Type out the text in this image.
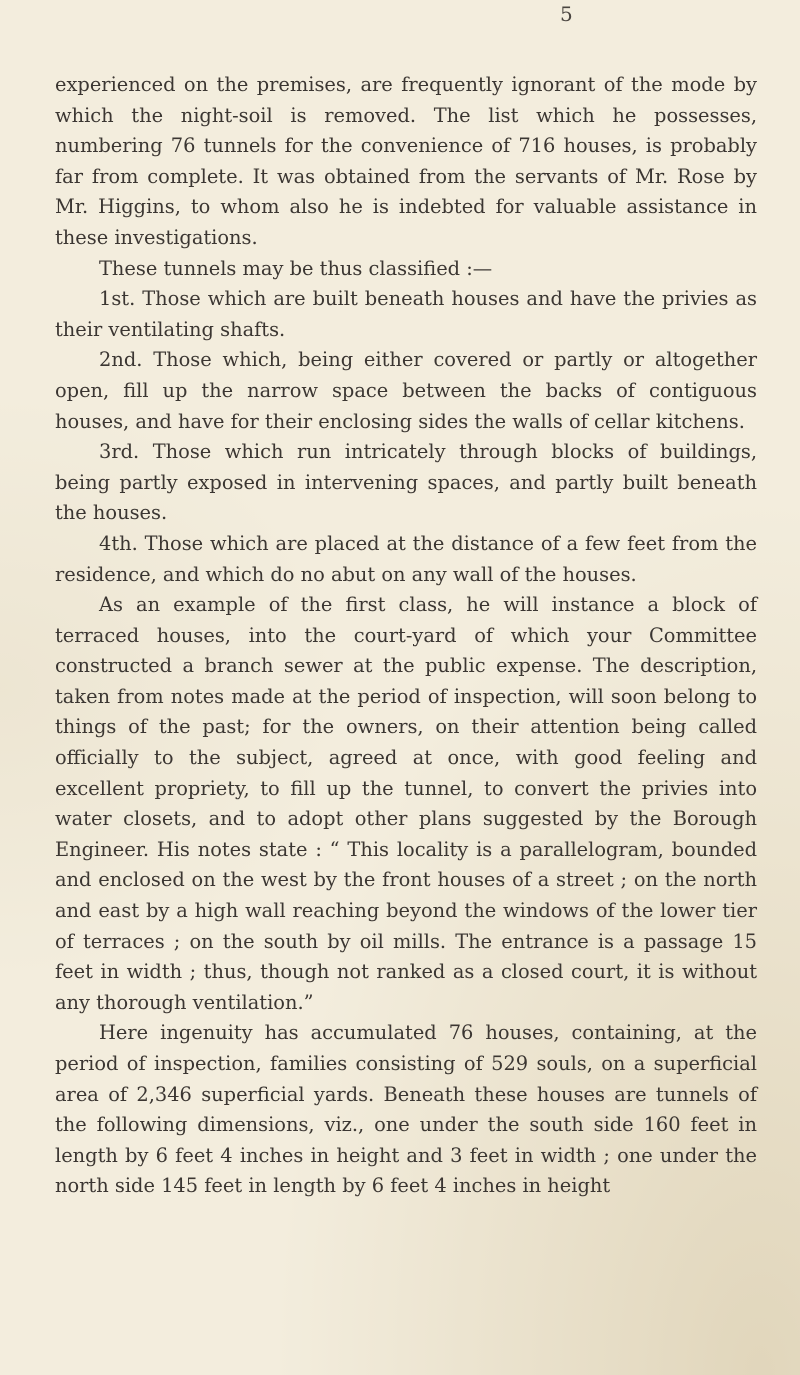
5

experienced on the premises, are frequently ignorant of the mode by which the night-soil is removed. The list which he possesses, numbering 76 tunnels for the convenience of 716 houses, is probably far from complete. It was obtained from the servants of Mr. Rose by Mr. Higgins, to whom also he is indebted for valuable assistance in these investigations.

These tunnels may be thus classified :—

1st. Those which are built beneath houses and have the privies as their ventilating shafts.

2nd. Those which, being either covered or partly or altogether open, fill up the narrow space between the backs of contiguous houses, and have for their enclosing sides the walls of cellar kitchens.

3rd. Those which run intricately through blocks of buildings, being partly exposed in intervening spaces, and partly built beneath the houses.

4th. Those which are placed at the distance of a few feet from the residence, and which do no abut on any wall of the houses.

As an example of the first class, he will instance a block of terraced houses, into the court-yard of which your Committee constructed a branch sewer at the public expense. The description, taken from notes made at the period of inspection, will soon belong to things of the past; for the owners, on their attention being called officially to the subject, agreed at once, with good feeling and excellent propriety, to fill up the tunnel, to convert the privies into water closets, and to adopt other plans suggested by the Borough Engineer. His notes state : “ This locality is a parallelogram, bounded and enclosed on the west by the front houses of a street ; on the north and east by a high wall reaching beyond the windows of the lower tier of terraces ; on the south by oil mills. The entrance is a passage 15 feet in width ; thus, though not ranked as a closed court, it is without any thorough ventilation.”

Here ingenuity has accumulated 76 houses, containing, at the period of inspection, families consisting of 529 souls, on a superficial area of 2,346 superficial yards. Beneath these houses are tunnels of the following dimensions, viz., one under the south side 160 feet in length by 6 feet 4 inches in height and 3 feet in width ; one under the north side 145 feet in length by 6 feet 4 inches in height
